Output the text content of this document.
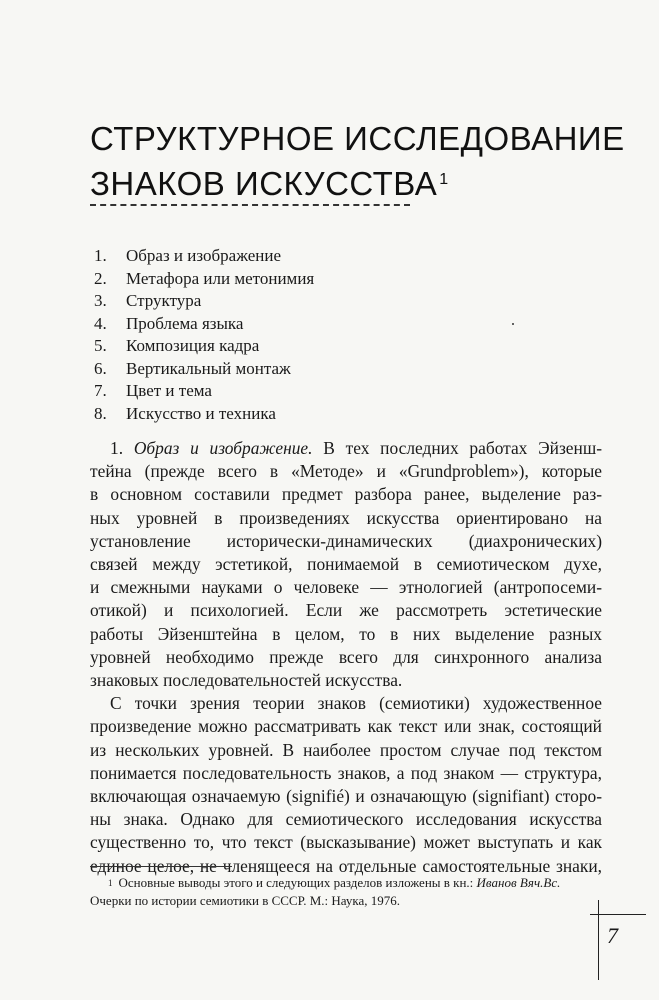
СТРУКТУРНОЕ ИССЛЕДОВАНИЕ
ЗНАКОВ ИСКУССТВА $^1$
1.	Образ и изображение
2.	Метафора или метонимия
3.	Структура
4.	Проблема языка
5.	Композиция кадра
6.	Вертикальный монтаж
7.	Цвет и тема
8.	Искусство и техника
1. Образ и изображение. В тех последних работах Эйзенш-
тейна (прежде всего в «Методе» и «Grundproblem»), которые
в основном составили предмет разбора ранее, выделение раз-
ных уровней в произведениях искусства ориентировано на
установление исторически-динамических (диахронических)
связей между эстетикой, понимаемой в семиотическом духе,
и смежными науками о человеке — этнологией (антропосеми-
отикой) и психологией. Если же рассмотреть эстетические
работы Эйзенштейна в целом, то в них выделение разных
уровней необходимо прежде всего для синхронного анализа
знаковых последовательностей искусства.
С точки зрения теории знаков (семиотики) художественное
произведение можно рассматривать как текст или знак, состоящий
из нескольких уровней. В наиболее простом случае под текстом
понимается последовательность знаков, а под знаком — структура,
включающая означаемую (signifié) и означающую (signifiant) сторо-
ны знака. Однако для семиотического исследования искусства
существенно то, что текст (высказывание) может выступать и как
единое целое, не членящееся на отдельные самостоятельные знаки,
$^1$ Основные выводы этого и следующих разделов изложены в кн.: Иванов Вяч.Вс.
Очерки по истории семиотики в СССР. М.: Наука, 1976.
7
